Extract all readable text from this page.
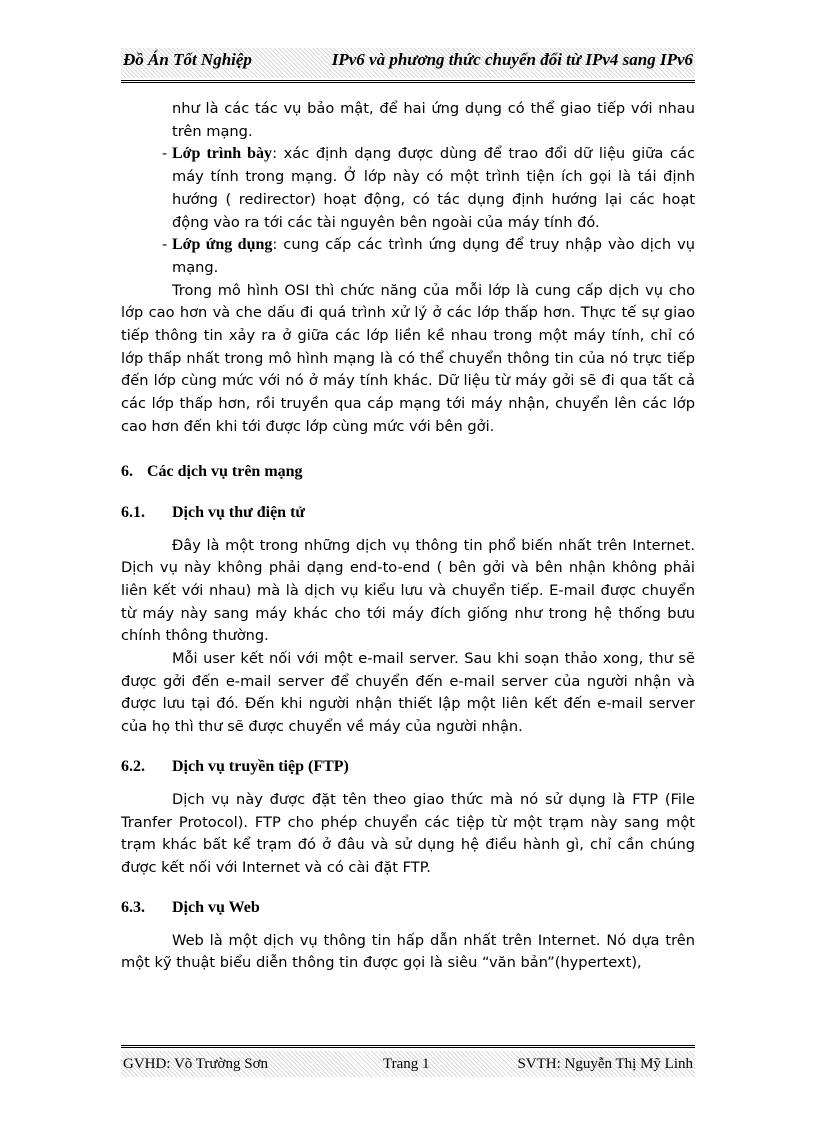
Đồ Án Tốt Nghiệp	IPv6 và phương thức chuyển đổi từ IPv4 sang IPv6

như là các tác vụ bảo mật, để hai ứng dụng có thể giao tiếp với nhau trên mạng.

- Lớp trình bày: xác định dạng được dùng để trao đổi dữ liệu giữa các máy tính trong mạng. Ở lớp này có một trình tiện ích gọi là tái định hướng ( redirector) hoạt động, có tác dụng định hướng lại các hoạt động vào ra tới các tài nguyên bên ngoài của máy tính đó.

- Lớp ứng dụng: cung cấp các trình ứng dụng để truy nhập vào dịch vụ mạng.

Trong mô hình OSI thì chức năng của mỗi lớp là cung cấp dịch vụ cho lớp cao hơn và che dấu đi quá trình xử lý ở các lớp thấp hơn. Thực tế sự giao tiếp thông tin xảy ra ở giữa các lớp liền kề nhau trong một máy tính, chỉ có lớp thấp nhất trong mô hình mạng là có thể chuyển thông tin của nó trực tiếp đến lớp cùng mức với nó ở máy tính khác. Dữ liệu từ máy gởi sẽ đi qua tất cả các lớp thấp hơn, rồi truyền qua cáp mạng tới máy nhận, chuyển lên các lớp cao hơn đến khi tới được lớp cùng mức với bên gởi.

6. Các dịch vụ trên mạng
6.1. Dịch vụ thư điện tử

Đây là một trong những dịch vụ thông tin phổ biến nhất trên Internet. Dịch vụ này không phải dạng end-to-end ( bên gởi và bên nhận không phải liên kết với nhau) mà là dịch vụ kiểu lưu và chuyển tiếp. E-mail được chuyển từ máy này sang máy khác cho tới máy đích giống như trong hệ thống bưu chính thông thường.

Mỗi user kết nối với một e-mail server. Sau khi soạn thảo xong, thư sẽ được gởi đến e-mail server để chuyển đến e-mail server của người nhận và được lưu tại đó. Đến khi người nhận thiết lập một liên kết đến e-mail server của họ thì thư sẽ được chuyển về máy của người nhận.

6.2. Dịch vụ truyền tiệp (FTP)

Dịch vụ này được đặt tên theo giao thức mà nó sử dụng là FTP (File Tranfer Protocol). FTP cho phép chuyển các tiệp từ một trạm này sang một trạm khác bất kể trạm đó ở đâu và sử dụng hệ điều hành gì, chỉ cần chúng được kết nối với Internet và có cài đặt FTP.

6.3. Dịch vụ Web

Web là một dịch vụ thông tin hấp dẫn nhất trên Internet. Nó dựa trên một kỹ thuật biểu diễn thông tin được gọi là siêu “văn bản”(hypertext),

GVHD: Võ Trường Sơn	Trang 1	SVTH: Nguyễn Thị Mỹ Linh
